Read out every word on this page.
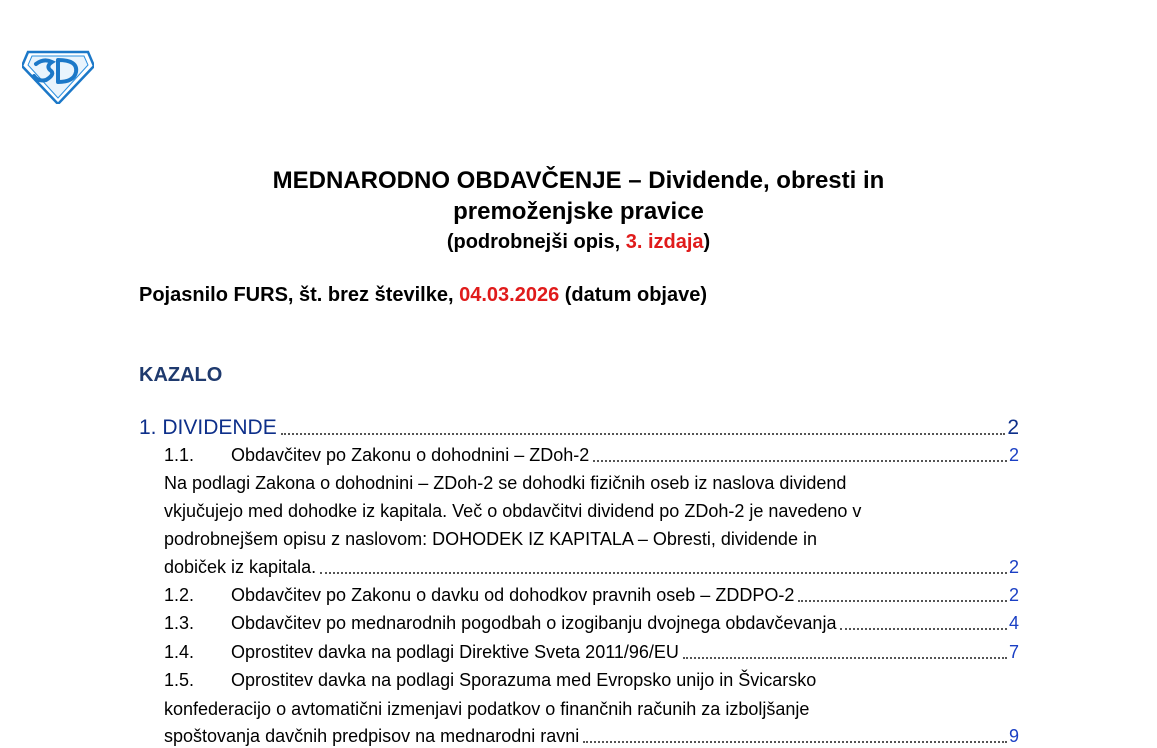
MEDNARODNO OBDAVČENJE – Dividende, obresti in
premoženjske pravice
(podrobnejši opis, 3. izdaja)
Pojasnilo FURS, št. brez številke, 04.03.2026 (datum objave)
KAZALO
1. DIVIDENDE	2
1.1.	Obdavčitev po Zakonu o dohodnini – ZDoh-2	2
Na podlagi Zakona o dohodnini – ZDoh-2 se dohodki fizičnih oseb iz naslova dividend
vkjučujejo med dohodke iz kapitala. Več o obdavčitvi dividend po ZDoh-2 je navedeno v
podrobnejšem opisu z naslovom: DOHODEK IZ KAPITALA – Obresti, dividende in
dobiček iz kapitala.	2
1.2.	Obdavčitev po Zakonu o davku od dohodkov pravnih oseb – ZDDPO-2	2
1.3.	Obdavčitev po mednarodnih pogodbah o izogibanju dvojnega obdavčevanja	4
1.4.	Oprostitev davka na podlagi Direktive Sveta 2011/96/EU	7
1.5.	Oprostitev davka na podlagi Sporazuma med Evropsko unijo in Švicarsko
konfederacijo o avtomatični izmenjavi podatkov o finančnih računih za izboljšanje
spoštovanja davčnih predpisov na mednarodni ravni	9
